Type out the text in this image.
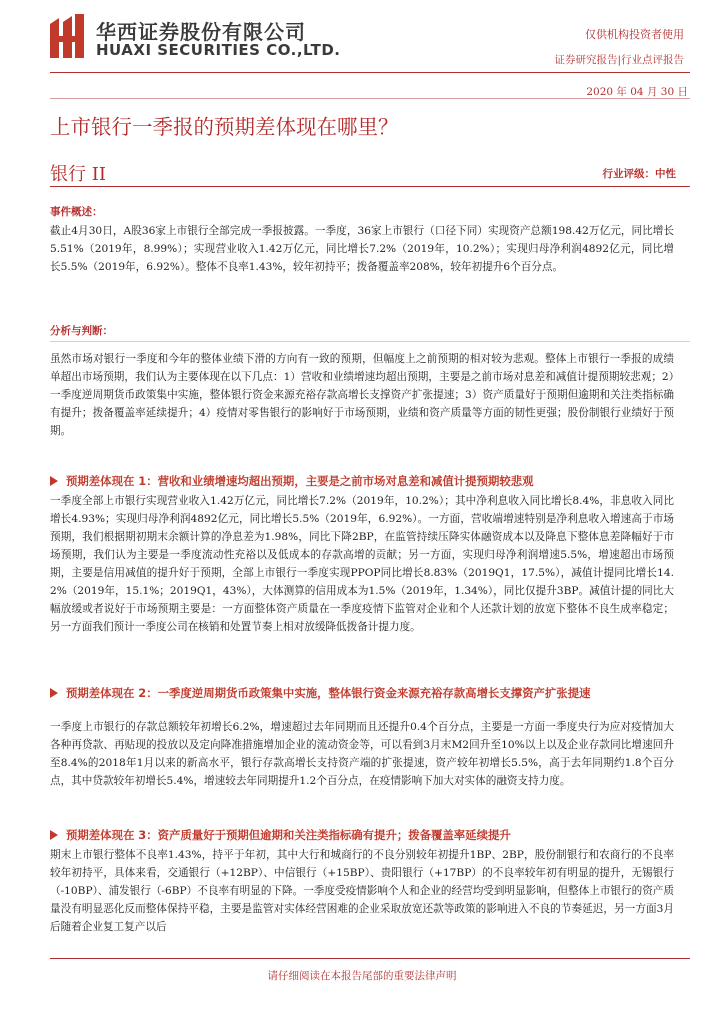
华西证券股份有限公司
HUAXI SECURITIES CO.,LTD.
仅供机构投资者使用
证券研究报告|行业点评报告
2020 年 04 月 30 日
上市银行一季报的预期差体现在哪里？
银行 II	行业评级：中性
事件概述：
截止4月30日，A股36家上市银行全部完成一季报披露。一季度，36家上市银行（口径下同）实现资产总额198.42万亿元，同比增长5.51%（2019年，8.99%）；实现营业收入1.42万亿元，同比增长7.2%（2019年，10.2%）；实现归母净利润4892亿元，同比增长5.5%（2019年，6.92%）。整体不良率1.43%，较年初持平；拨备覆盖率208%，较年初提升6个百分点。
分析与判断：
虽然市场对银行一季度和今年的整体业绩下滑的方向有一致的预期，但幅度上之前预期的相对较为悲观。整体上市银行一季报的成绩单超出市场预期，我们认为主要体现在以下几点：1）营收和业绩增速均超出预期，主要是之前市场对息差和减值计提预期较悲观；2）一季度逆周期货币政策集中实施，整体银行资金来源充裕存款高增长支撑资产扩张提速；3）资产质量好于预期但逾期和关注类指标确有提升；拨备覆盖率延续提升；4）疫情对零售银行的影响好于市场预期，业绩和资产质量等方面的韧性更强；股份制银行业绩好于预期。
预期差体现在 1：营收和业绩增速均超出预期，主要是之前市场对息差和减值计提预期较悲观
一季度全部上市银行实现营业收入1.42万亿元，同比增长7.2%（2019年，10.2%）；其中净利息收入同比增长8.4%，非息收入同比增长4.93%；实现归母净利润4892亿元，同比增长5.5%（2019年，6.92%）。一方面，营收端增速特别是净利息收入增速高于市场预期，我们根据期初期末余额计算的净息差为1.98%，同比下降2BP，在监管持续压降实体融资成本以及降息下整体息差降幅好于市场预期，我们认为主要是一季度流动性充裕以及低成本的存款高增的贡献；另一方面，实现归母净利润增速5.5%，增速超出市场预期，主要是信用减值的提升好于预期，全部上市银行一季度实现PPOP同比增长8.83%（2019Q1，17.5%），减值计提同比增长14.2%（2019年，15.1%；2019Q1，43%），大体测算的信用成本为1.5%（2019年，1.34%），同比仅提升3BP。减值计提的同比大幅放缓或者说好于市场预期主要是：一方面整体资产质量在一季度疫情下监管对企业和个人还款计划的放宽下整体不良生成率稳定；另一方面我们预计一季度公司在核销和处置节奏上相对放缓降低拨备计提力度。
预期差体现在 2：一季度逆周期货币政策集中实施，整体银行资金来源充裕存款高增长支撑资产扩张提速
一季度上市银行的存款总额较年初增长6.2%，增速超过去年同期而且还提升0.4个百分点，主要是一方面一季度央行为应对疫情加大各种再贷款、再贴现的投放以及定向降准措施增加企业的流动资金等，可以看到3月末M2回升至10%以上以及企业存款同比增速回升至8.4%的2018年1月以来的新高水平，银行存款高增长支持资产端的扩张提速，资产较年初增长5.5%，高于去年同期约1.8个百分点，其中贷款较年初增长5.4%，增速较去年同期提升1.2个百分点，在疫情影响下加大对实体的融资支持力度。
预期差体现在 3：资产质量好于预期但逾期和关注类指标确有提升；拨备覆盖率延续提升
期末上市银行整体不良率1.43%，持平于年初，其中大行和城商行的不良分别较年初提升1BP、2BP，股份制银行和农商行的不良率较年初持平，具体来看，交通银行（+12BP）、中信银行（+15BP）、贵阳银行（+17BP）的不良率较年初有明显的提升，无锡银行（-10BP）、浦发银行（-6BP）不良率有明显的下降。一季度受疫情影响个人和企业的经营均受到明显影响，但整体上市银行的资产质量没有明显恶化反而整体保持平稳，主要是监管对实体经营困难的企业采取放宽还款等政策的影响进入不良的节奏延迟，另一方面3月后随着企业复工复产以后
请仔细阅读在本报告尾部的重要法律声明
